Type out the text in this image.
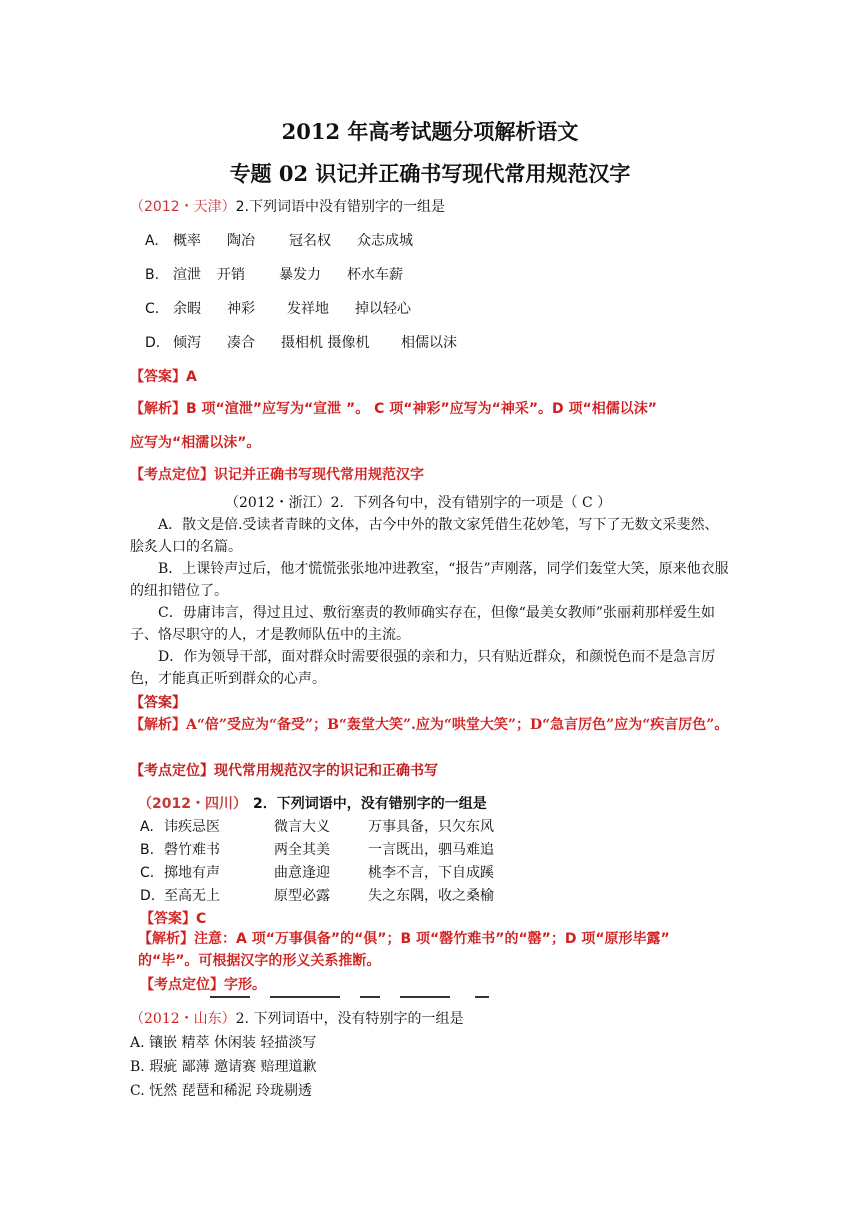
2012 年高考试题分项解析语文
专题 02 识记并正确书写现代常用规范汉字
（2012・天津）2.下列词语中没有错别字的一组是
A. 概率 陶冶 冠名权 众志成城
B. 渲泄 开销 暴发力 杯水车薪
C. 余暇 神彩 发祥地 掉以轻心
D. 倾泻 凑合 摄相机 摄像机 相儒以沫
【答案】A
【解析】B 项“渲泄”应写为“宣泄 ”。 C 项“神彩”应写为“神采”。D 项“相儒以沫”
应写为“相濡以沫”。
【考点定位】识记并正确书写现代常用规范汉字
（2012・浙江）2．下列各句中，没有错别字的一项是（ C ）
A．散文是倍.受读者青睐的文体，古今中外的散文家凭借生花妙笔，写下了无数文采斐然、脍炙人口的名篇。
B．上课铃声过后，他才慌慌张张地冲进教室，“报告”声刚落，同学们轰堂大笑，原来他衣服的纽扣错位了。
C．毋庸讳言，得过且过、敷衍塞责的教师确实存在，但像“最美女教师”张丽莉那样爱生如子、恪尽职守的人，才是教师队伍中的主流。
D．作为领导干部，面对群众时需要很强的亲和力，只有贴近群众，和颜悦色而不是急言厉色，才能真正听到群众的心声。
【答案】
【解析】A“倍”受应为“备受”；B“轰堂大笑”.应为“哄堂大笑”；D“急言厉色”应为“疾言厉色”。
【考点定位】现代常用规范汉字的识记和正确书写
（2012・四川） 2．下列词语中，没有错别字的一组是
A. 讳疾忌医	微言大义	万事具备，只欠东风
B. 磬竹难书	两全其美	一言既出，驷马难追
C. 掷地有声	曲意逢迎	桃李不言，下自成蹊
D. 至高无上	原型必露	失之东隅，收之桑榆
【答案】C
【解析】注意：A 项“万事俱备”的“俱”；B 项“罄竹难书”的“罄”；D 项“原形毕露”
的“毕”。可根据汉字的形义关系推断。
【考点定位】字形。
（2012・山东）2. 下列词语中，没有特别字的一组是
A. 镶嵌 精萃 休闲装 轻描淡写
B. 瑕疵 鄙薄 邀请赛 赔理道歉
C. 怃然 琵琶和稀泥 玲珑剔透
